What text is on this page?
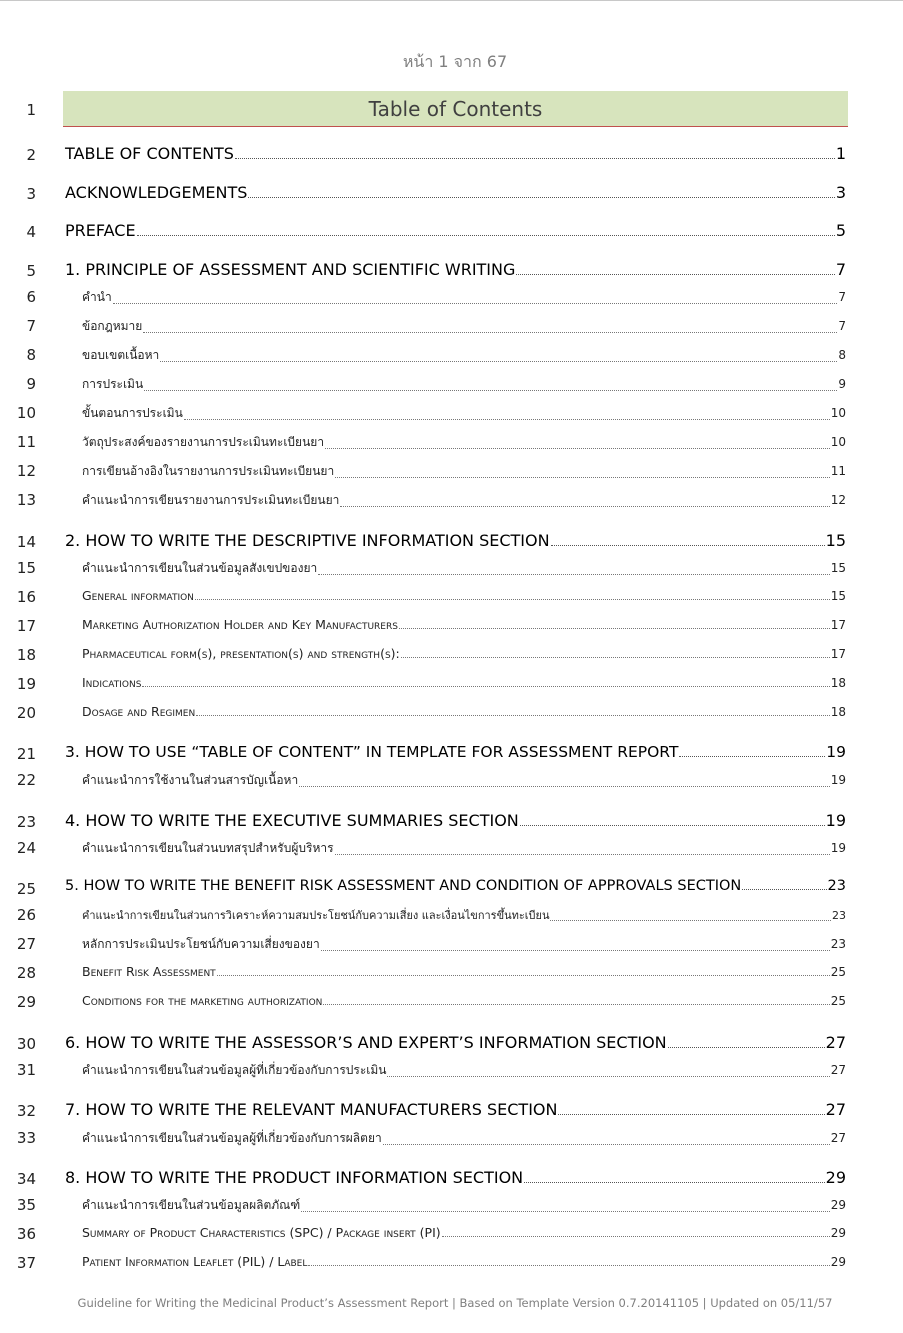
หน้า 1 จาก 67
1
2
3
4
5
6
7
8
9
10
11
12
13
14
15
16
17
18
19
20
21
22
23
24
25
26
27
28
29
30
31
32
33
34
35
36
37
Table of Contents
TABLE OF CONTENTS	1
ACKNOWLEDGEMENTS	3
PREFACE	5
1. PRINCIPLE OF ASSESSMENT AND SCIENTIFIC WRITING	7
คำนำ	7
ข้อกฎหมาย	7
ขอบเขตเนื้อหา	8
การประเมิน	9
ขั้นตอนการประเมิน	10
วัตถุประสงค์ของรายงานการประเมินทะเบียนยา	10
การเขียนอ้างอิงในรายงานการประเมินทะเบียนยา	11
คำแนะนำการเขียนรายงานการประเมินทะเบียนยา	12
2. HOW TO WRITE THE DESCRIPTIVE INFORMATION SECTION	15
คำแนะนำการเขียนในส่วนข้อมูลสังเขปของยา	15
General information	15
Marketing Authorization Holder and Key Manufacturers	17
Pharmaceutical form(s), presentation(s) and strength(s):	17
Indications	18
Dosage and Regimen	18
3. HOW TO USE “TABLE OF CONTENT” IN TEMPLATE FOR ASSESSMENT REPORT	19
คำแนะนำการใช้งานในส่วนสารบัญเนื้อหา	19
4. HOW TO WRITE THE EXECUTIVE SUMMARIES SECTION	19
คำแนะนำการเขียนในส่วนบทสรุปสำหรับผู้บริหาร	19
5. HOW TO WRITE THE BENEFIT RISK ASSESSMENT AND CONDITION OF APPROVALS SECTION	23
คำแนะนำการเขียนในส่วนการวิเคราะห์ความสมประโยชน์กับความเสี่ยง และเงื่อนไขการขึ้นทะเบียน	23
หลักการประเมินประโยชน์กับความเสี่ยงของยา	23
Benefit Risk Assessment	25
Conditions for the marketing authorization	25
6. HOW TO WRITE THE ASSESSOR’S AND EXPERT’S INFORMATION SECTION	27
คำแนะนำการเขียนในส่วนข้อมูลผู้ที่เกี่ยวข้องกับการประเมิน	27
7. HOW TO WRITE THE RELEVANT MANUFACTURERS SECTION	27
คำแนะนำการเขียนในส่วนข้อมูลผู้ที่เกี่ยวข้องกับการผลิตยา	27
8. HOW TO WRITE THE PRODUCT INFORMATION SECTION	29
คำแนะนำการเขียนในส่วนข้อมูลผลิตภัณฑ์	29
Summary of Product Characteristics (SPC) / Package insert (PI)	29
Patient Information Leaflet (PIL) / Label	29
Guideline for Writing the Medicinal Product’s Assessment Report | Based on Template Version 0.7.20141105 | Updated on 05/11/57
